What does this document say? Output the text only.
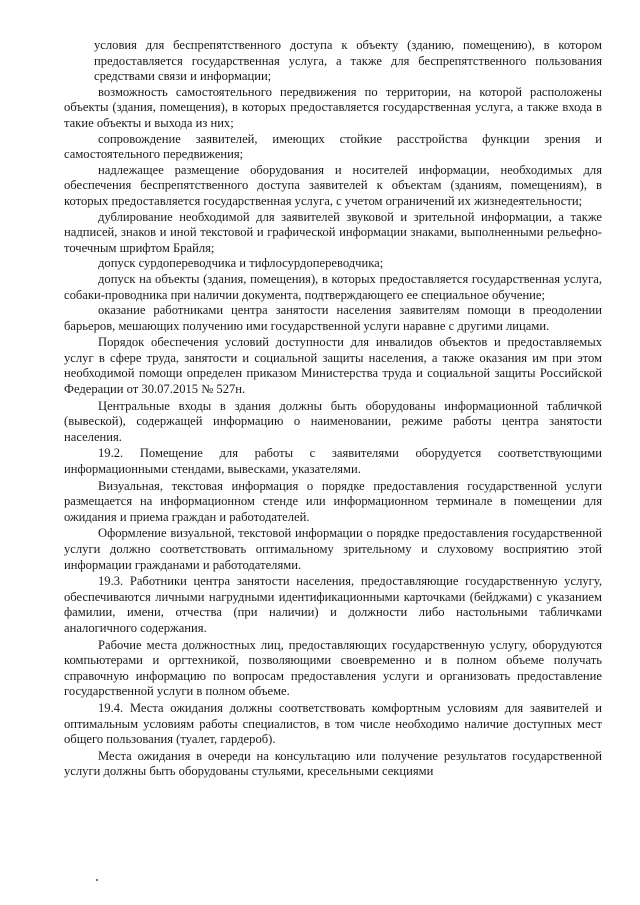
условия для беспрепятственного доступа к объекту (зданию, помещению), в котором предоставляется государственная услуга, а также для беспрепятственного пользования средствами связи и информации;

возможность самостоятельного передвижения по территории, на которой расположены объекты (здания, помещения), в которых предоставляется государственная услуга, а также входа в такие объекты и выхода из них;

сопровождение заявителей, имеющих стойкие расстройства функции зрения и самостоятельного передвижения;

надлежащее размещение оборудования и носителей информации, необходимых для обеспечения беспрепятственного доступа заявителей к объектам (зданиям, помещениям), в которых предоставляется государственная услуга, с учетом ограничений их жизнедеятельности;

дублирование необходимой для заявителей звуковой и зрительной информации, а также надписей, знаков и иной текстовой и графической информации знаками, выполненными рельефно-точечным шрифтом Брайля;

допуск сурдопереводчика и тифлосурдопереводчика;

допуск на объекты (здания, помещения), в которых предоставляется государственная услуга, собаки-проводника при наличии документа, подтверждающего ее специальное обучение;

оказание работниками центра занятости населения заявителям помощи в преодолении барьеров, мешающих получению ими государственной услуги наравне с другими лицами.

Порядок обеспечения условий доступности для инвалидов объектов и предоставляемых услуг в сфере труда, занятости и социальной защиты населения, а также оказания им при этом необходимой помощи определен приказом Министерства труда и социальной защиты Российской Федерации от 30.07.2015 № 527н.

Центральные входы в здания должны быть оборудованы информационной табличкой (вывеской), содержащей информацию о наименовании, режиме работы центра занятости населения.

19.2. Помещение для работы с заявителями оборудуется соответствующими информационными стендами, вывесками, указателями.

Визуальная, текстовая информация о порядке предоставления государственной услуги размещается на информационном стенде или информационном терминале в помещении для ожидания и приема граждан и работодателей.

Оформление визуальной, текстовой информации о порядке предоставления государственной услуги должно соответствовать оптимальному зрительному и слуховому восприятию этой информации гражданами и работодателями.

19.3. Работники центра занятости населения, предоставляющие государственную услугу, обеспечиваются личными нагрудными идентификационными карточками (бейджами) с указанием фамилии, имени, отчества (при наличии) и должности либо настольными табличками аналогичного содержания.

Рабочие места должностных лиц, предоставляющих государственную услугу, оборудуются компьютерами и оргтехникой, позволяющими своевременно и в полном объеме получать справочную информацию по вопросам предоставления услуги и организовать предоставление государственной услуги в полном объеме.

19.4. Места ожидания должны соответствовать комфортным условиям для заявителей и оптимальным условиям работы специалистов, в том числе необходимо наличие доступных мест общего пользования (туалет, гардероб).

Места ожидания в очереди на консультацию или получение результатов государственной услуги должны быть оборудованы стульями, кресельными секциями
